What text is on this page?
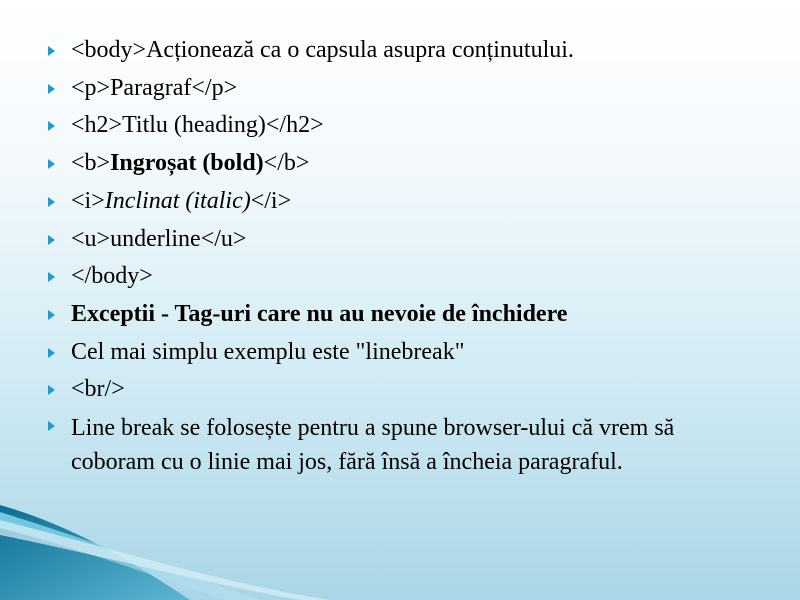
<body>Acționează ca o capsula asupra conținutului.
<p>Paragraf</p>
<h2>Titlu (heading)</h2>
<b>Ingroșat (bold)</b>
<i>Inclinat (italic)</i>
<u>underline</u>
</body>
Exceptii - Tag-uri care nu au nevoie de închidere
Cel mai simplu exemplu este "linebreak"
<br/>
Line break se folosește pentru a spune browser-ului că vrem să coboram cu o linie mai jos, fără însă a încheia paragraful.
